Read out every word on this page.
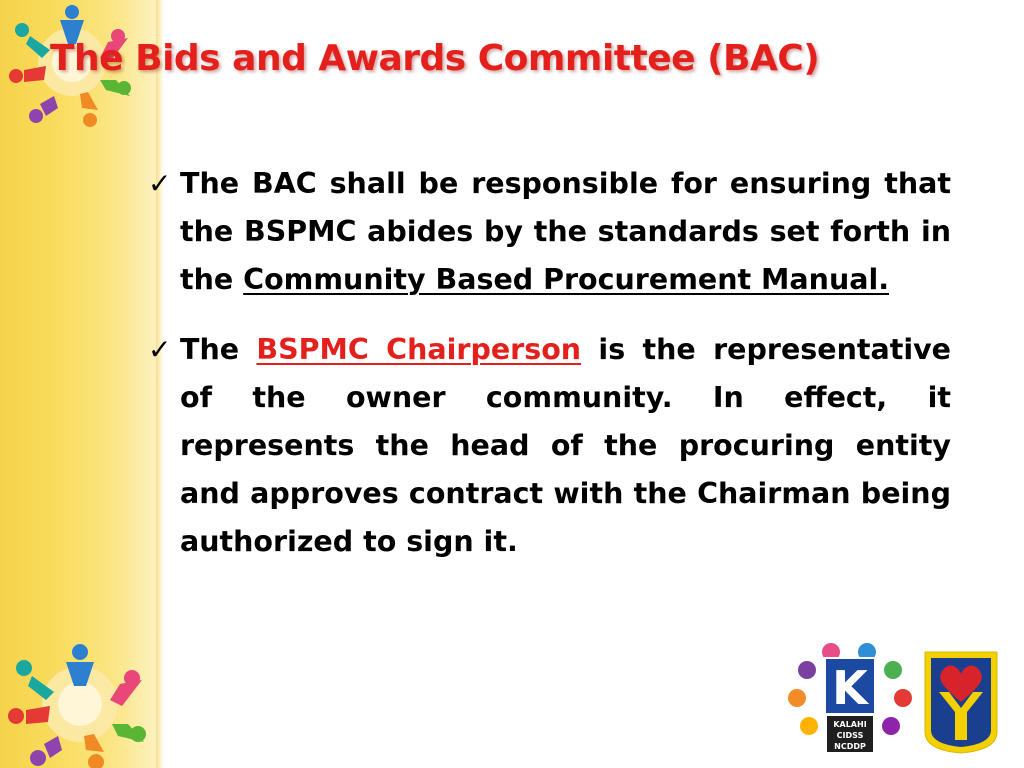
The Bids and Awards Committee (BAC)
✓ The BAC shall be responsible for ensuring that the BSPMC abides by the standards set forth in the Community Based Procurement Manual.
✓ The BSPMC Chairperson is the representative of the owner community. In effect, it represents the head of the procuring entity and approves contract with the Chairman being authorized to sign it.
K
KALAHI
CIDSS
NCDDP
